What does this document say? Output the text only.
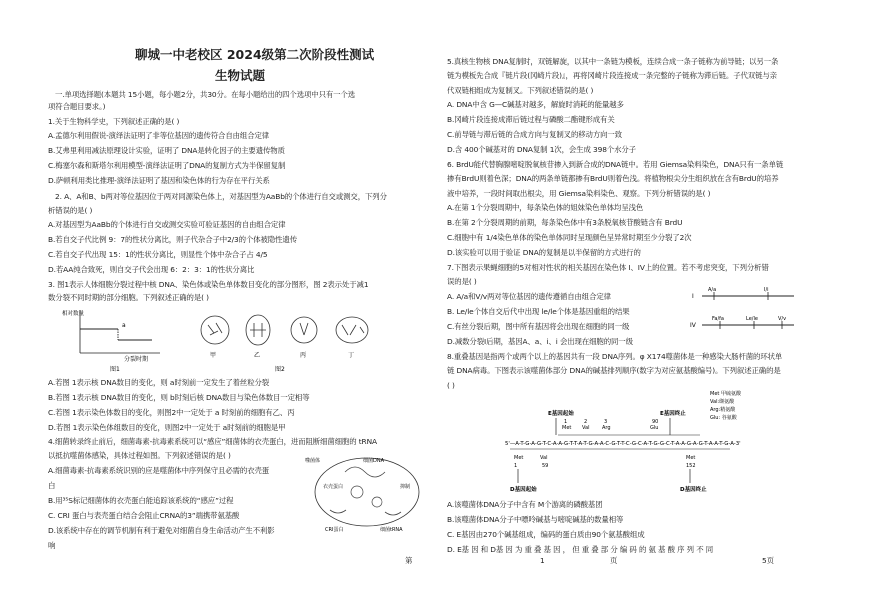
聊城一中老校区 2024级第二次阶段性测试
生物试题
一.单项选择题(本题共 15小题，每小题2分，共30分。在每小题给出的四个选项中只有一个选
项符合题目要求。)
1.关于生物科学史，下列叙述正确的是( )
A.孟德尔利用假说-演绎法证明了非等位基因的遗传符合自由组合定律
B.艾弗里利用减法原理设计实验，证明了 DNA是转化因子的主要遗传物质
C.梅塞尔森和斯塔尔利用模型-演绎法证明了DNA的复制方式为半保留复制
D.萨顿利用类比推理-演绎法证明了基因和染色体的行为存在平行关系
2. A、A和B、b两对等位基因位于两对同源染色体上，对基因型为AaBb的个体进行自交或测交，下列分
析错误的是( )
A.对基因型为AaBb的个体进行自交或测交实验可验证基因的自由组合定律
B.若自交子代比例 9：7的性状分离比，则子代杂合子中2/3的个体被隐性遗传
C.若自交子代出现 15：1的性状分离比，则显性个体中杂合子占 4/5
D.若AA纯合致死，则自交子代会出现 6：2：3：1的性状分离比
3. 图1表示人体细胞分裂过程中核 DNA、染色体或染色单体数目变化的部分图形，图 2表示处于减1
数分裂不同时期的部分细胞。下列叙述正确的是( )
相对数量
a
分裂时期
图1
甲	乙	丙	丁
图2
A.若图 1表示核 DNA数目的变化，则 a时刻前一定发生了着丝粒分裂
B.若图 1表示核 DNA数目的变化，则 b时刻后核 DNA数目与染色体数目一定相等
C.若图 1表示染色体数目的变化，则图2中一定处于 a 时刻前的细胞有乙、丙
D.若图 1表示染色体组数目的变化，则图2中一定处于 a时刻前的细胞是甲
4.细菌转录终止前后，细菌毒素-抗毒素系统可以“感应”细菌体的衣壳蛋白，进而阻断细菌细胞的 tRNA
以抵抗噬菌体感染，具体过程如图。下列叙述错误的是( )
A.细菌毒素-抗毒素系统识别的应是噬菌体中序列保守且必需的衣壳蛋
白
B.用³⁵S标记细菌体的衣壳蛋白能追踪该系统的“感应”过程
C. CRI 蛋白与表壳蛋白结合会阻止CRNA的3”端携带氨基酸
D.该系统中存在的调节机制有利于避免对细菌自身生命活动产生不利影
响
噬菌体	细菌DNA
衣壳蛋白	抑制
CRI蛋白	细菌tRNA
5.真核生物核 DNA复制时，双链解旋，以其中一条链为模板，连续合成一条子链称为前导链；以另一条
链为模板先合成『链片段(冈崎片段)』，再将冈崎片段连接成一条完整的子链称为滞后链。子代双链与亲
代双链相组成为复制叉。下列叙述错误的是( )
A. DNA中含 G—C碱基对越多，解旋时消耗的能量越多
B.冈崎片段连接成滞后链过程与磷酸二酯键形成有关
C.前导链与滞后链的合成方向与复制叉的移动方向一致
D.含 400个碱基对的 DNA复制 1次，会生成 398个水分子
6. BrdU能代替胸腺嘧啶脱氧核苷掺入到新合成的DNA链中。若用 Giemsa染料染色，DNA只有一条单链
掺有BrdU则着色深；DNA的两条单链都掺有BrdU则着色浅。将植物根尖分生组织放在含有BrdU的培养
液中培养，一段时间取出根尖，用 Giemsa染料染色、观察。下列分析错误的是( )
A.在第 1个分裂周期中，每条染色体的姐妹染色单体均呈浅色
B.在第 2个分裂周期的前期，每条染色体中有3条脱氧核苷酸链含有 BrdU
C.细胞中有 1/4染色单体的染色单体同时呈现颜色呈异常时期至少分裂了2次
D.该实验可以用于验证 DNA的复制是以半保留的方式进行的
7.下图表示果蝇细胞的5对相对性状的相关基因在染色体 I、IV上的位置。若不考虑突变，下列分析错
误的是( )
A. A/a和V/v两对等位基因的遗传遵循自由组合定律
B. Le/le个体自交后代中出现 le/le个体是基因重组的结果
C.有丝分裂后期，图中所有基因将会出现在细胞的同一级
D.减数分裂Ⅰ后期，基因A、a、i、i 会出现在细胞的同一级
I
A/a	I/i
IV
Fa/fa	Le/le	V/v
8.重叠基因是指两个或两个以上的基因共有一段 DNA序列。φ X174噬菌体是一种感染大肠杆菌的环状单
链 DNA病毒。下图表示该噬菌体部分 DNA的碱基排列顺序(数字为对应氨基酸编号)。下列叙述正确的是
( )
Met 甲硫氨酸
Val:缬氨酸
Arg:精氨酸
Glu: 谷氨酸
E基因起始	E基因终止
Met Val	Arg	Glu
1	2	3	90
5'—A-T-G-A-G-T-C-A-A-G-T-T-A-T-G-A-A-C-G-T-T-C-G-C-A-T-G-G-C-T-A-A-G-A-G-T-A-A-T-G-A-3'
Met	Val	Met
1	59	152
D基因起始	D基因终止
A.该噬菌体DNA分子中含有 M个游离的磷酸基团
B.该噬菌体DNA分子中嘌呤碱基与嘧啶碱基的数量相等
C. E基因由270个碱基组成，编码的蛋白质由90个氨基酸组成
D. E基 因 和 D基 因 为 重 叠 基 因 ， 但 重 叠 部 分 编 码 的 氨 基 酸 序 列 不 同
第	1	页	5页
